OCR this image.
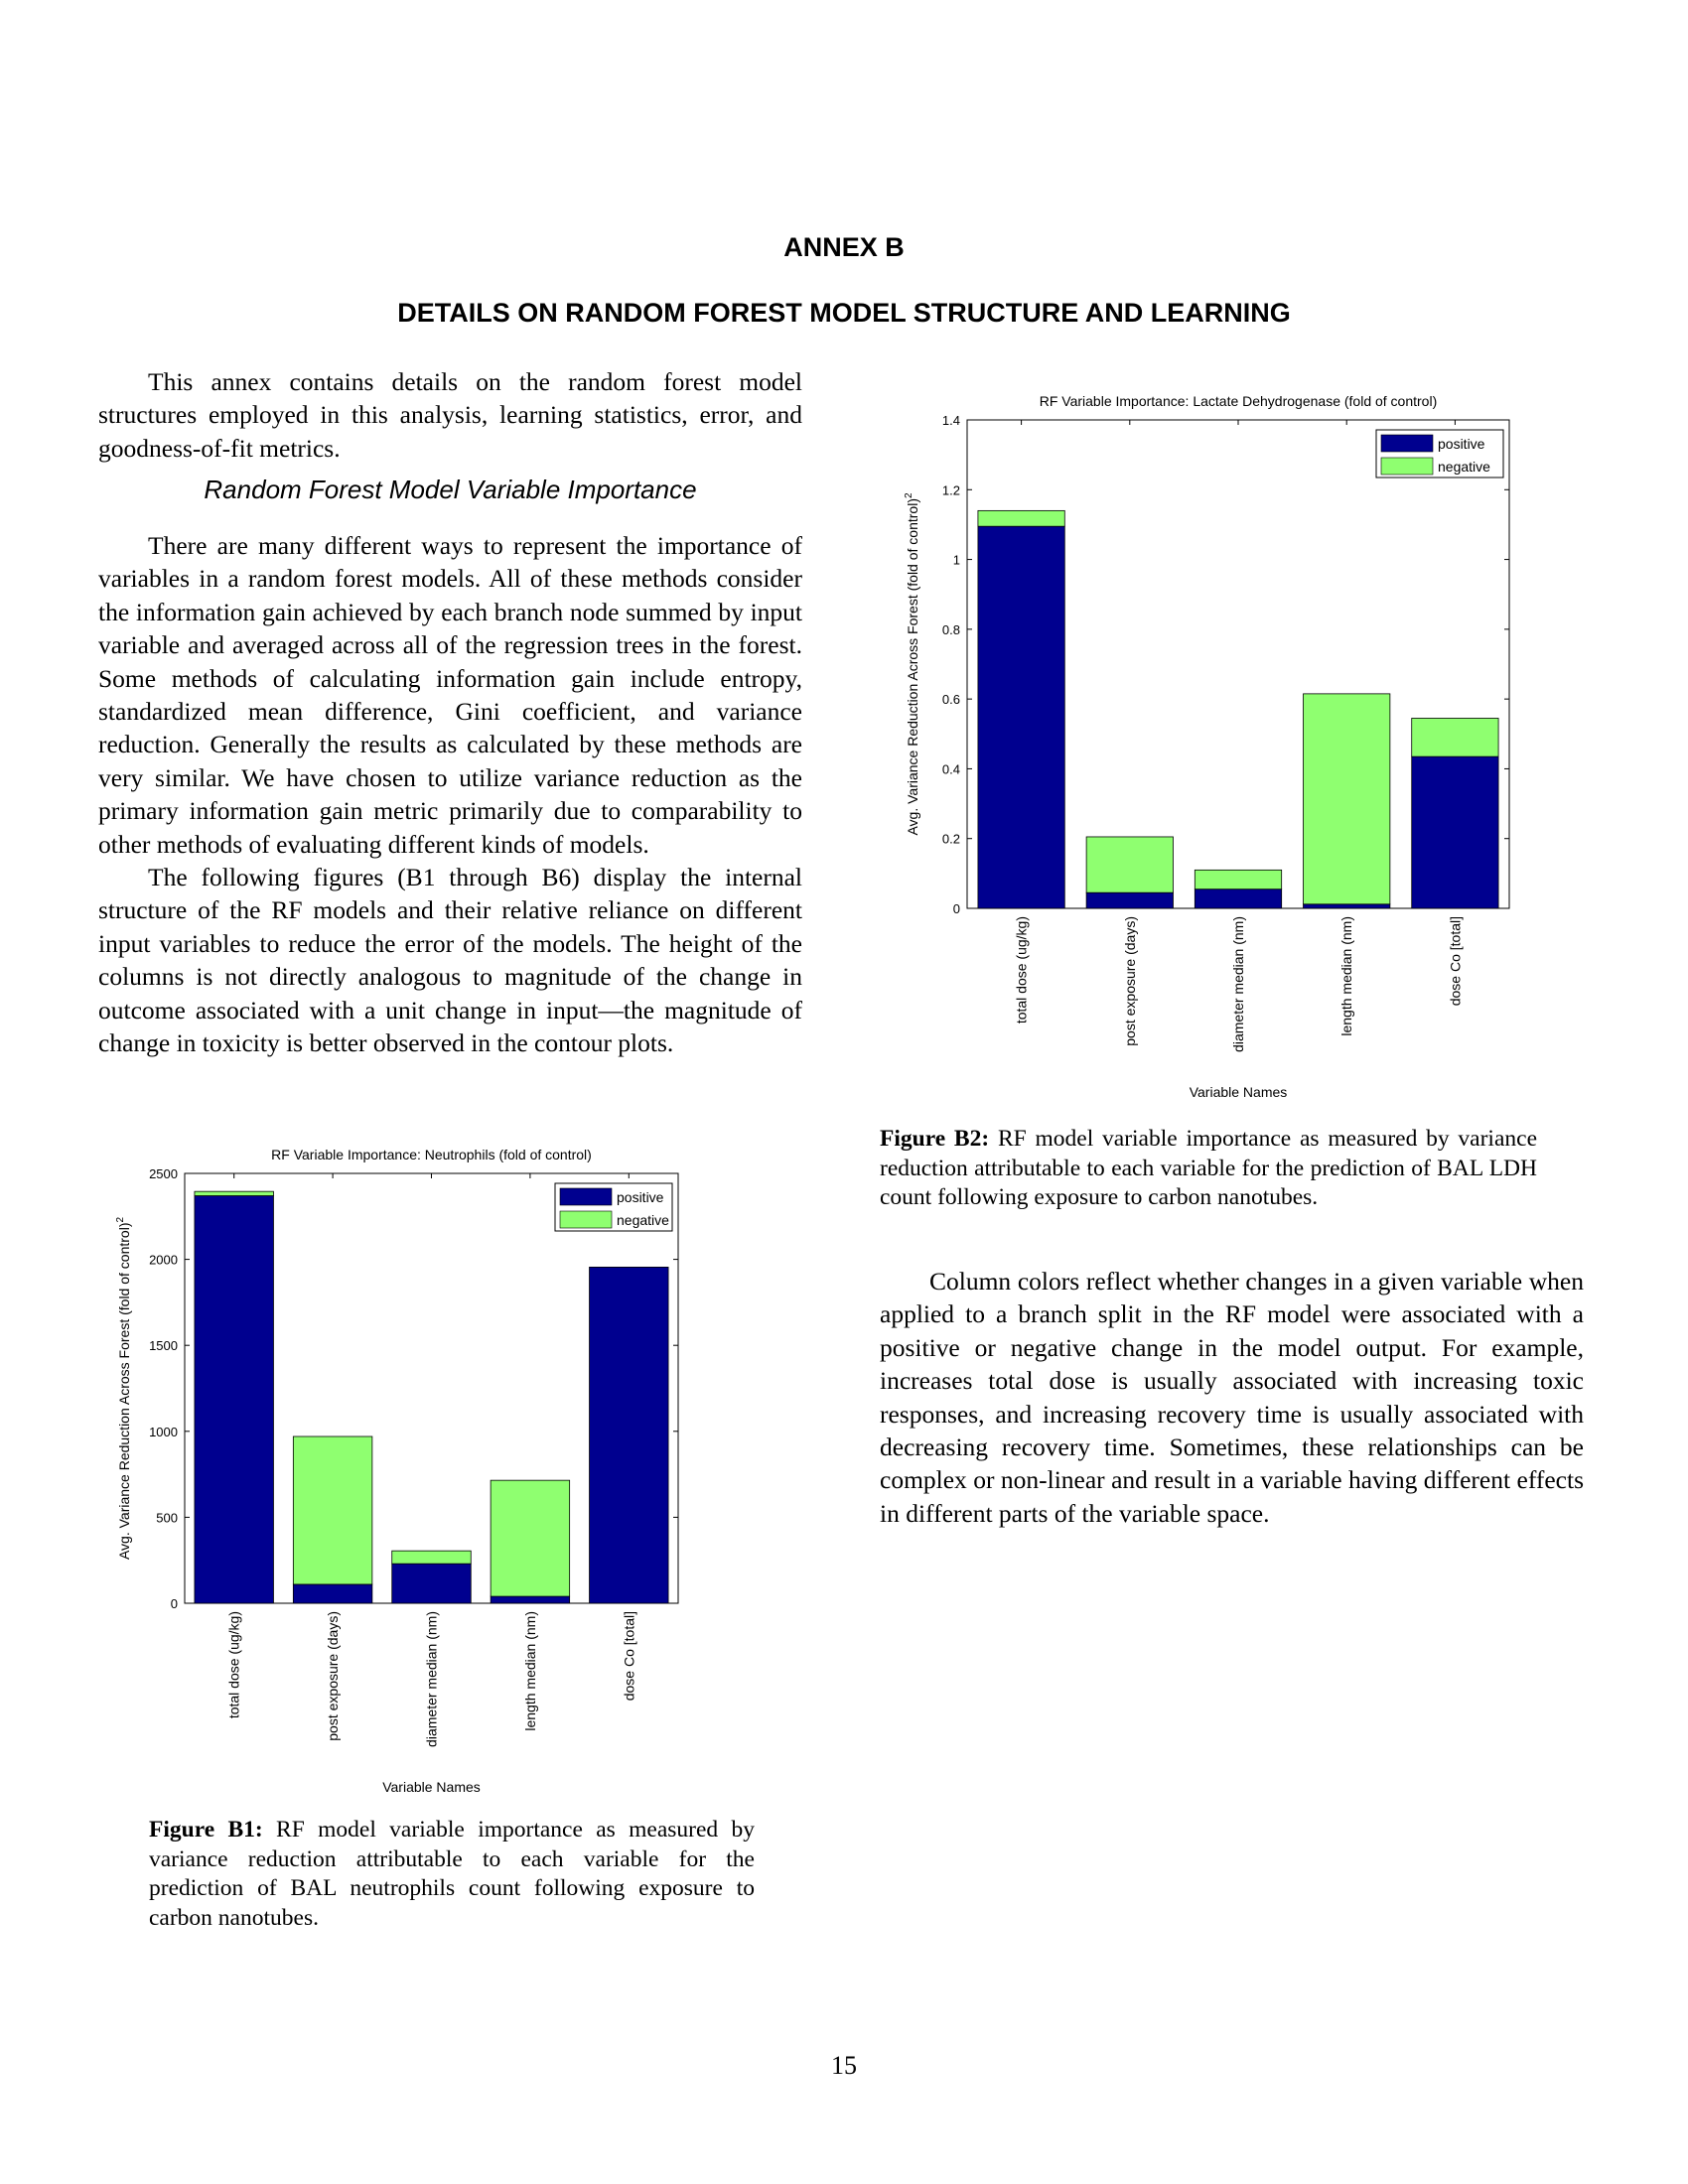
ANNEX B
DETAILS ON RANDOM FOREST MODEL STRUCTURE AND LEARNING

This annex contains details on the random forest model structures employed in this analysis, learning statistics, error, and goodness-of-fit metrics.

Random Forest Model Variable Importance

There are many different ways to represent the importance of variables in a random forest models. All of these methods consider the information gain achieved by each branch node summed by input variable and averaged across all of the regression trees in the forest. Some methods of calculating information gain include entropy, standardized mean difference, Gini coefficient, and variance reduction. Generally the results as calculated by these methods are very similar. We have chosen to utilize variance reduction as the primary information gain metric primarily due to comparability to other methods of evaluating different kinds of models.

The following figures (B1 through B6) display the internal structure of the RF models and their relative reliance on different input variables to reduce the error of the models. The height of the columns is not directly analogous to magnitude of the change in outcome associated with a unit change in input—the magnitude of change in toxicity is better observed in the contour plots.

RF Variable Importance: Lactate Dehydrogenase (fold of control)
0
0.2
0.4
0.6
0.8
1
1.2
1.4
Avg. Variance Reduction Across Forest (fold of control)$^2$
total dose (ug/kg)	post exposure (days)	diameter median (nm)	length median (nm)	dose Co [total]
Variable Names
positive
negative
Figure B2: RF model variable importance as measured by variance reduction attributable to each variable for the prediction of BAL LDH count following exposure to carbon nanotubes.

Column colors reflect whether changes in a given variable when applied to a branch split in the RF model were associated with a positive or negative change in the model output. For example, increases total dose is usually associated with increasing toxic responses, and increasing recovery time is usually associated with decreasing recovery time. Sometimes, these relationships can be complex or non-linear and result in a variable having different effects in different parts of the variable space.

RF Variable Importance: Neutrophils (fold of control)
0
500
1000
1500
2000
2500
Avg. Variance Reduction Across Forest (fold of control)$^2$
total dose (ug/kg)	post exposure (days)	diameter median (nm)	length median (nm)	dose Co [total]
Variable Names
positive
negative
Figure B1: RF model variable importance as measured by variance reduction attributable to each variable for the prediction of BAL neutrophils count following exposure to carbon nanotubes.
15
